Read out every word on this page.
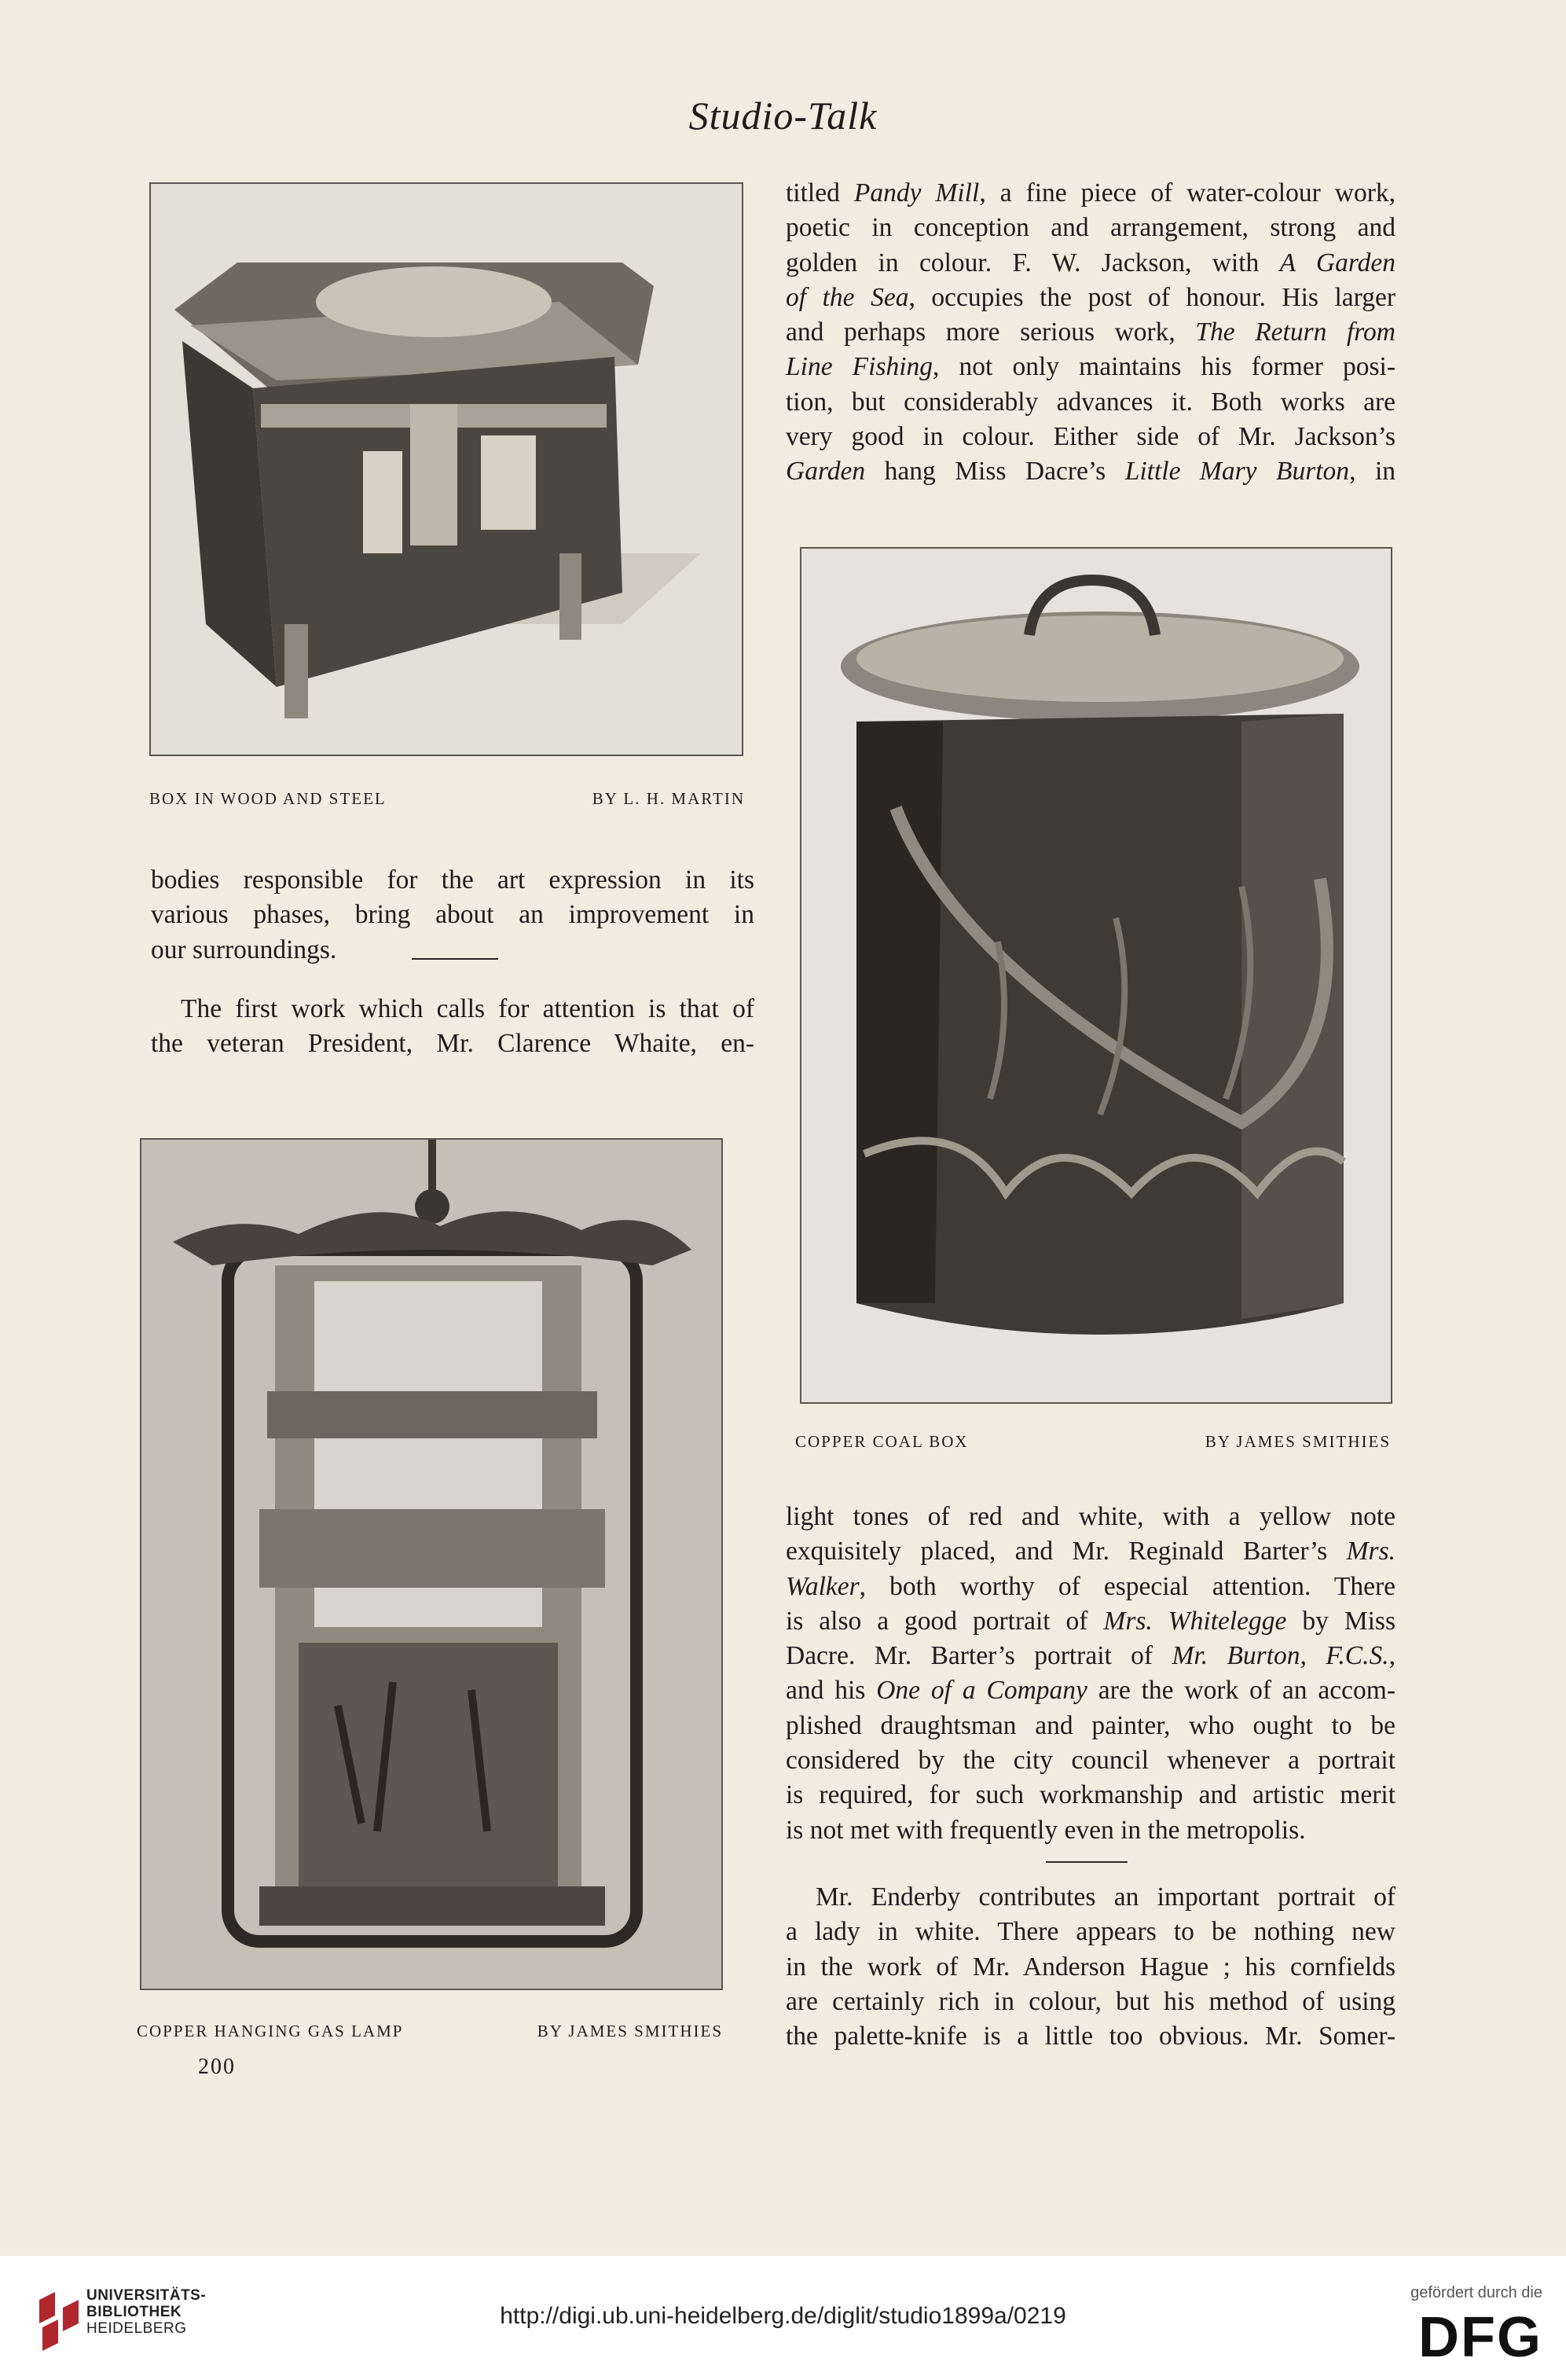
Studio-Talk
BOX IN WOOD AND STEEL	BY L. H. MARTIN
titled Pandy Mill, a fine piece of water-colour work,
poetic in conception and arrangement, strong and
golden in colour. F. W. Jackson, with A Garden
of the Sea, occupies the post of honour. His larger
and perhaps more serious work, The Return from
Line Fishing, not only maintains his former posi-
tion, but considerably advances it. Both works are
very good in colour. Either side of Mr. Jackson’s
Garden hang Miss Dacre’s Little Mary Burton, in
COPPER COAL BOX	BY JAMES SMITHIES
bodies responsible for the art expression in its
various phases, bring about an improvement in
our surroundings.
The first work which calls for attention is that of
the veteran President, Mr. Clarence Whaite, en-
COPPER HANGING GAS LAMP	BY JAMES SMITHIES
200
light tones of red and white, with a yellow note
exquisitely placed, and Mr. Reginald Barter’s Mrs.
Walker, both worthy of especial attention. There
is also a good portrait of Mrs. Whitelegge by Miss
Dacre. Mr. Barter’s portrait of Mr. Burton, F.C.S.,
and his One of a Company are the work of an accom-
plished draughtsman and painter, who ought to be
considered by the city council whenever a portrait
is required, for such workmanship and artistic merit
is not met with frequently even in the metropolis.
Mr. Enderby contributes an important portrait of
a lady in white. There appears to be nothing new
in the work of Mr. Anderson Hague ; his cornfields
are certainly rich in colour, but his method of using
the palette-knife is a little too obvious. Mr. Somer-
UNIVERSITÄTS-
BIBLIOTHEK
HEIDELBERG	http://digi.ub.uni-heidelberg.de/diglit/studio1899a/0219
gefördert durch die
DFG
